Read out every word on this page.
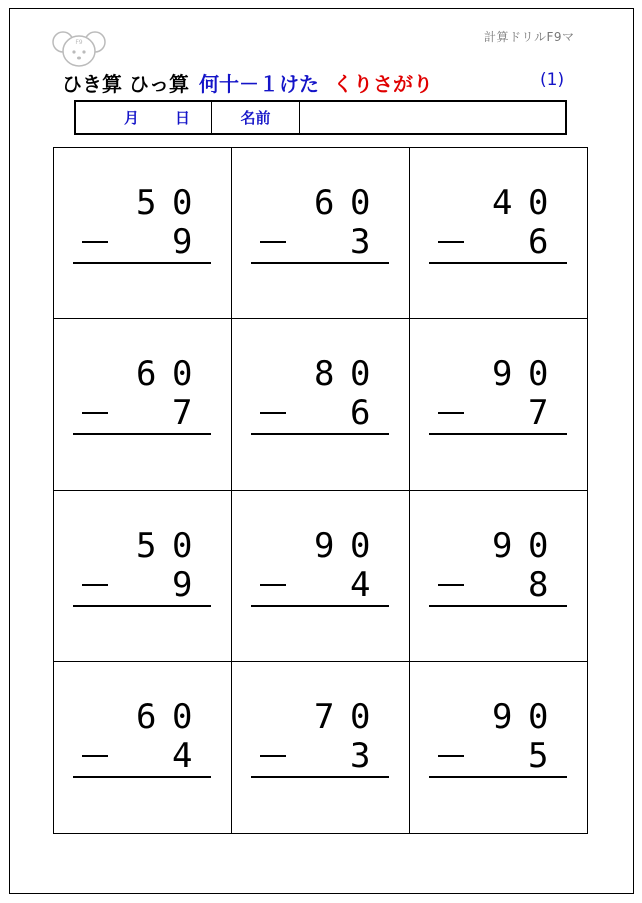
F9	計算ドリルF9マ
ひき算 ひっ算 何十－１けた くりさがり	(1)
月 日	名前
5 0
9
6 0
3
4 0
6
6 0
7
8 0
6
9 0
7
5 0
9
9 0
4
9 0
8
6 0
4
7 0
3
9 0
5
